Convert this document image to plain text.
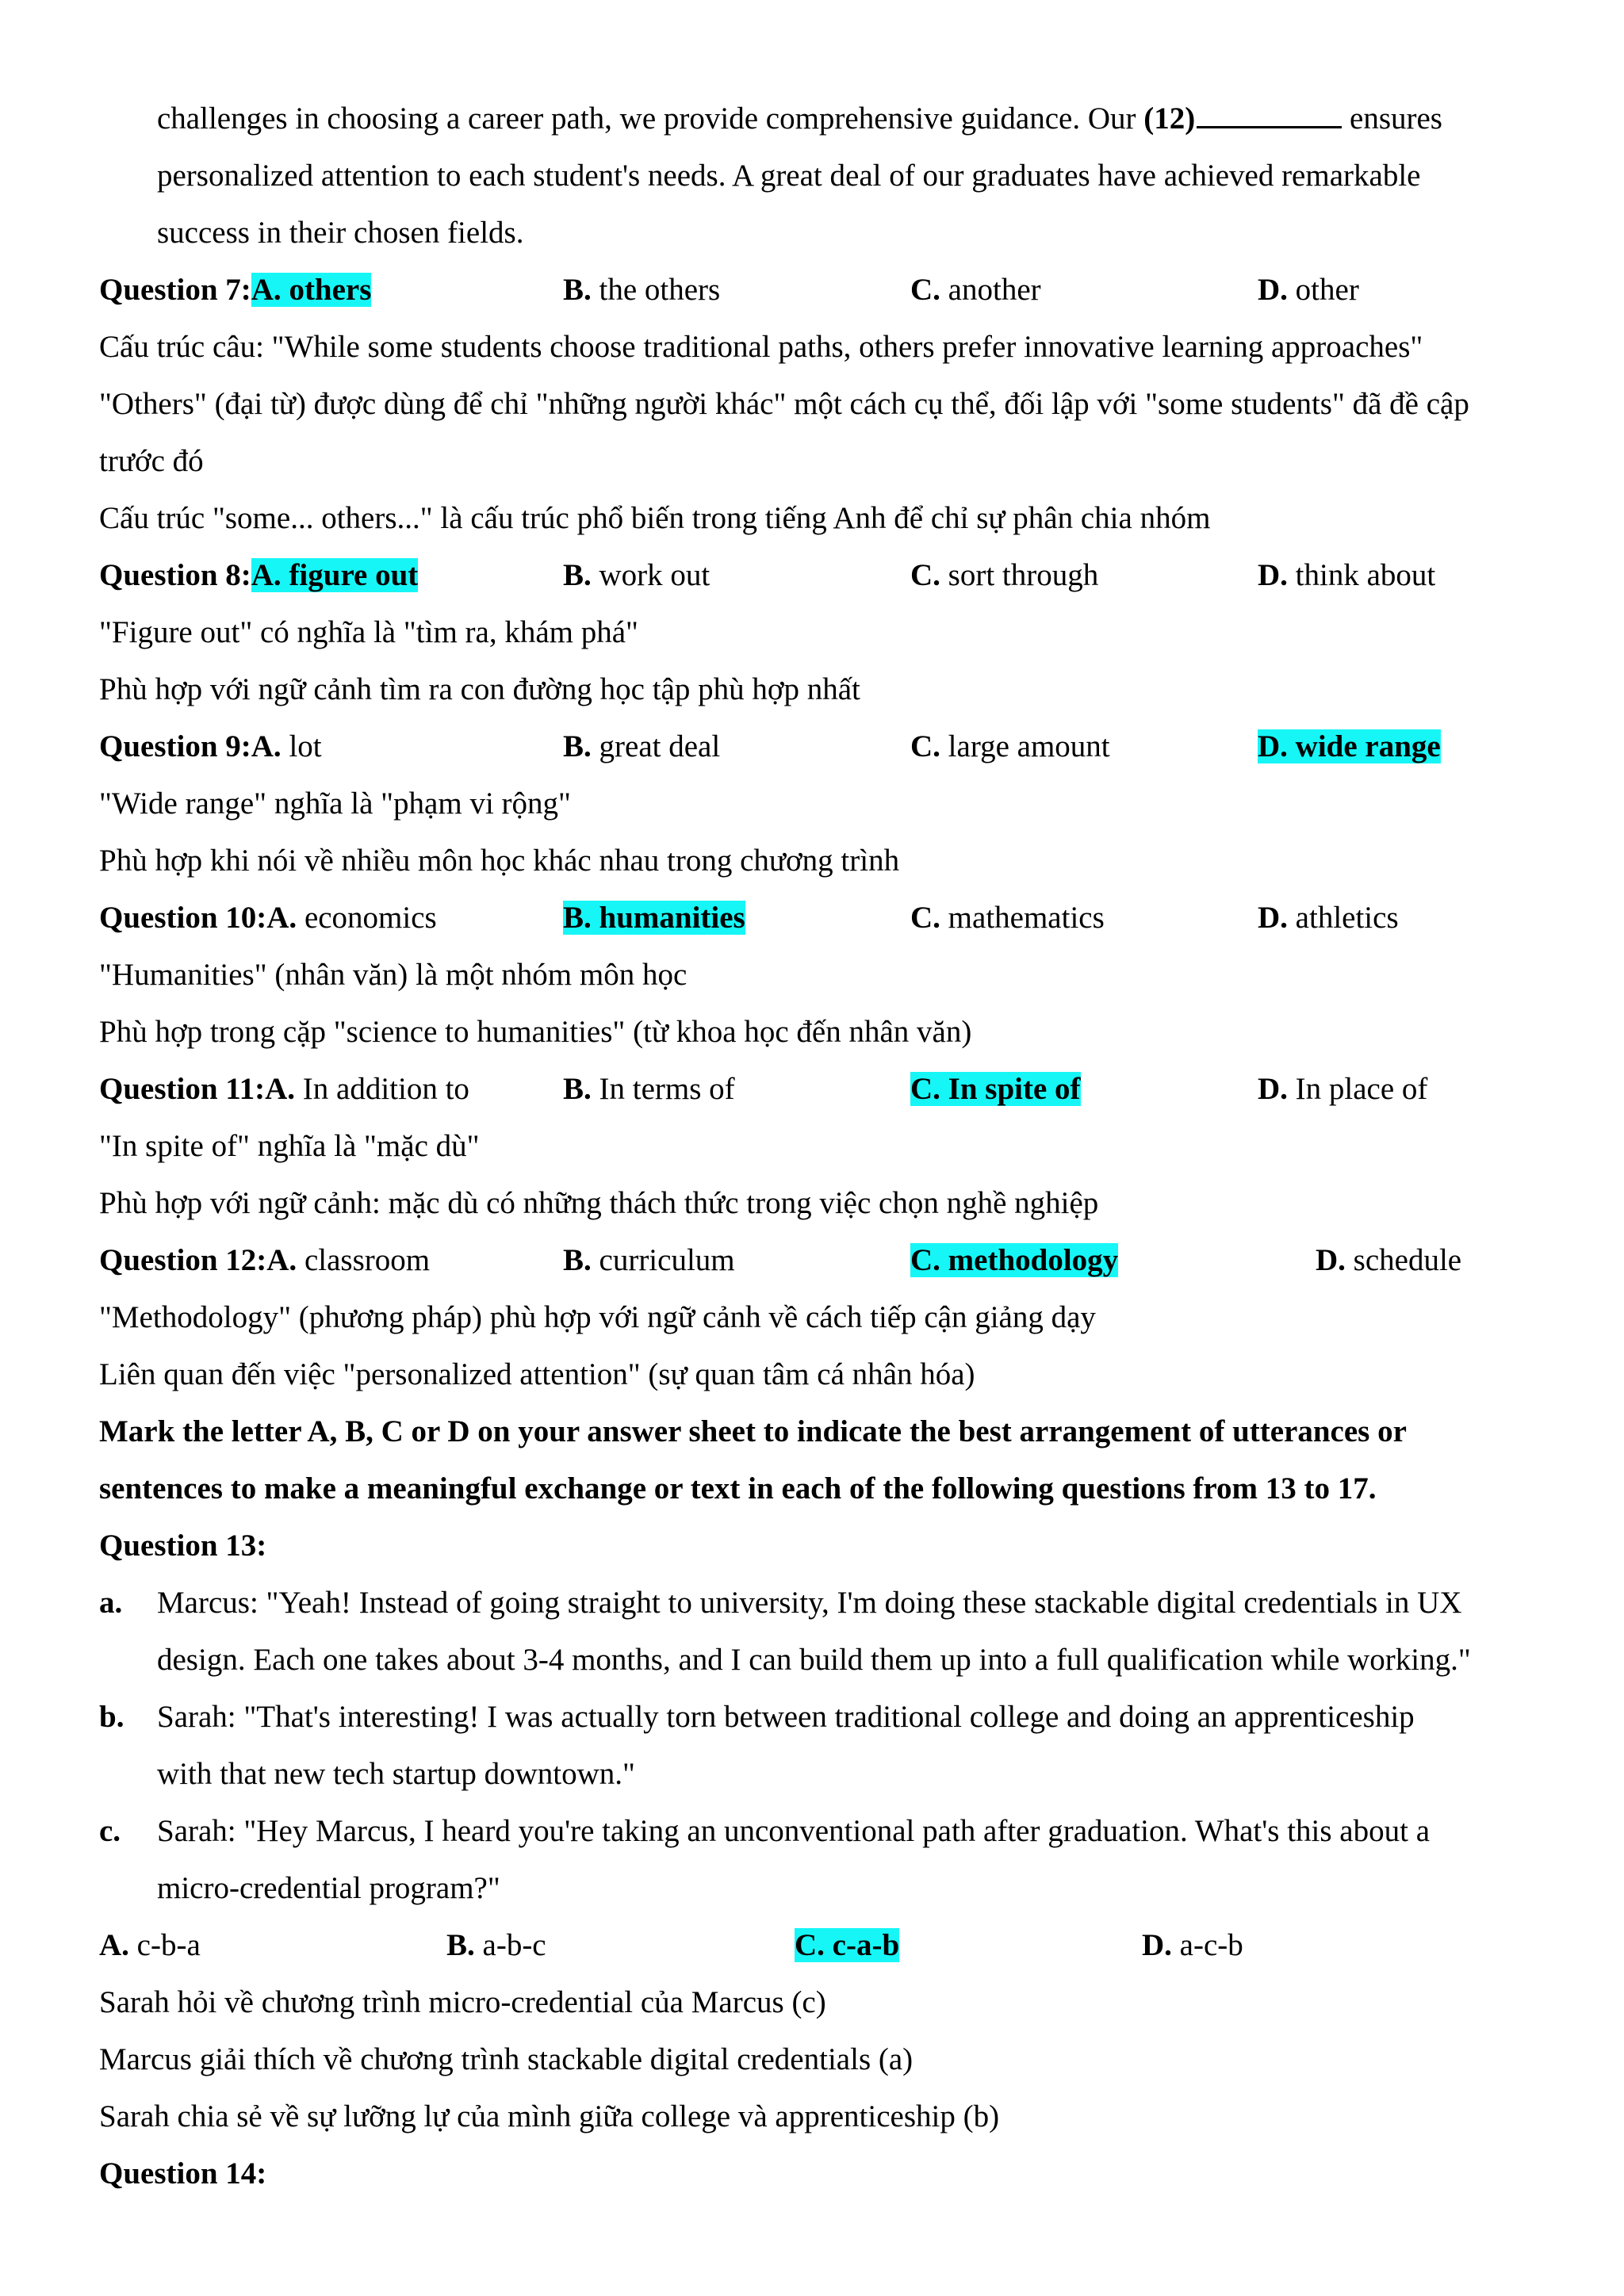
challenges in choosing a career path, we provide comprehensive guidance. Our (12)	ensures
personalized attention to each student's needs. A great deal of our graduates have achieved remarkable
success in their chosen fields.
Question 7:A. others	B. the others	C. another	D. other
Cấu trúc câu: "While some students choose traditional paths, others prefer innovative learning approaches"
"Others" (đại từ) được dùng để chỉ "những người khác" một cách cụ thể, đối lập với "some students" đã đề cập
trước đó
Cấu trúc "some... others..." là cấu trúc phổ biến trong tiếng Anh để chỉ sự phân chia nhóm
Question 8:A. figure out	B. work out	C. sort through	D. think about
"Figure out" có nghĩa là "tìm ra, khám phá"
Phù hợp với ngữ cảnh tìm ra con đường học tập phù hợp nhất
Question 9:A. lot	B. great deal	C. large amount	D. wide range
"Wide range" nghĩa là "phạm vi rộng"
Phù hợp khi nói về nhiều môn học khác nhau trong chương trình
Question 10:A. economics	B. humanities	C. mathematics	D. athletics
"Humanities" (nhân văn) là một nhóm môn học
Phù hợp trong cặp "science to humanities" (từ khoa học đến nhân văn)
Question 11:A. In addition to	B. In terms of	C. In spite of	D. In place of
"In spite of" nghĩa là "mặc dù"
Phù hợp với ngữ cảnh: mặc dù có những thách thức trong việc chọn nghề nghiệp
Question 12:A. classroom	B. curriculum	C. methodology	D. schedule
"Methodology" (phương pháp) phù hợp với ngữ cảnh về cách tiếp cận giảng dạy
Liên quan đến việc "personalized attention" (sự quan tâm cá nhân hóa)
Mark the letter A, B, C or D on your answer sheet to indicate the best arrangement of utterances or
sentences to make a meaningful exchange or text in each of the following questions from 13 to 17.
Question 13:
a. Marcus: "Yeah! Instead of going straight to university, I'm doing these stackable digital credentials in UX
design. Each one takes about 3-4 months, and I can build them up into a full qualification while working."
b. Sarah: "That's interesting! I was actually torn between traditional college and doing an apprenticeship
with that new tech startup downtown."
c. Sarah: "Hey Marcus, I heard you're taking an unconventional path after graduation. What's this about a
micro-credential program?"
A. c-b-a	B. a-b-c	C. c-a-b	D. a-c-b
Sarah hỏi về chương trình micro-credential của Marcus (c)
Marcus giải thích về chương trình stackable digital credentials (a)
Sarah chia sẻ về sự lưỡng lự của mình giữa college và apprenticeship (b)
Question 14:
